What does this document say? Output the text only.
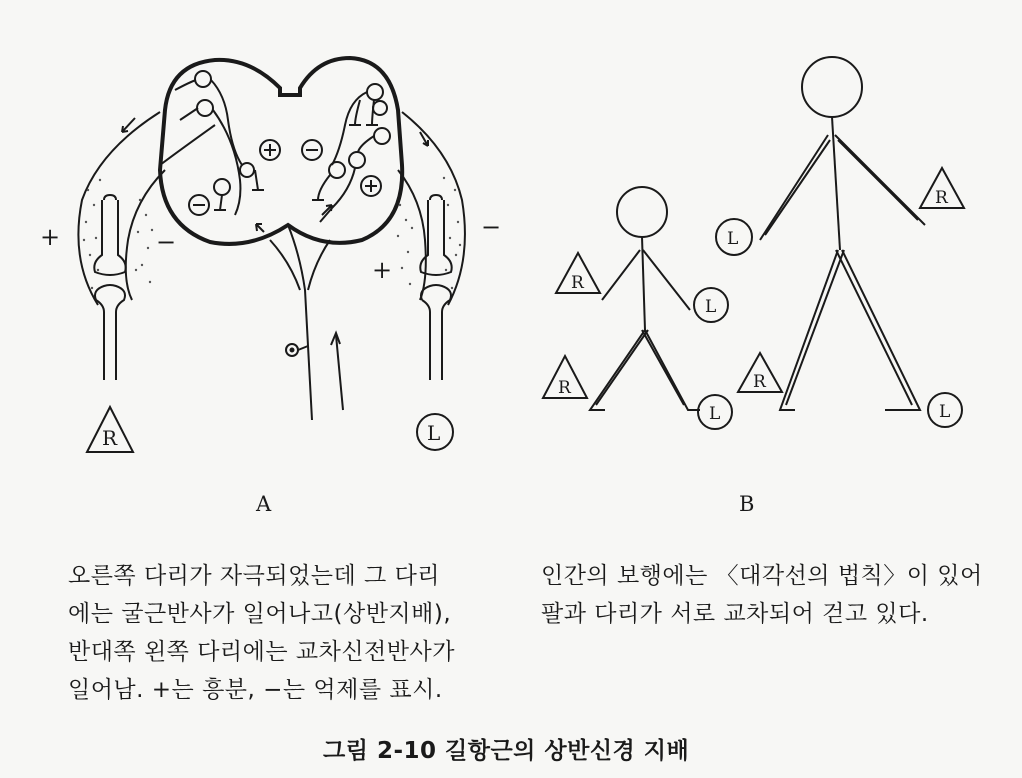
R	L
+	−
+
−
R
L
R
L
R
L
R
L
A	B
오른쪽 다리가 자극되었는데 그 다리
에는 굴근반사가 일어나고(상반지배),
반대쪽 왼쪽 다리에는 교차신전반사가
일어남. +는 흥분, −는 억제를 표시.
인간의 보행에는 〈대각선의 법칙〉이 있어
팔과 다리가 서로 교차되어 걷고 있다.
그림 2-10 길항근의 상반신경 지배
